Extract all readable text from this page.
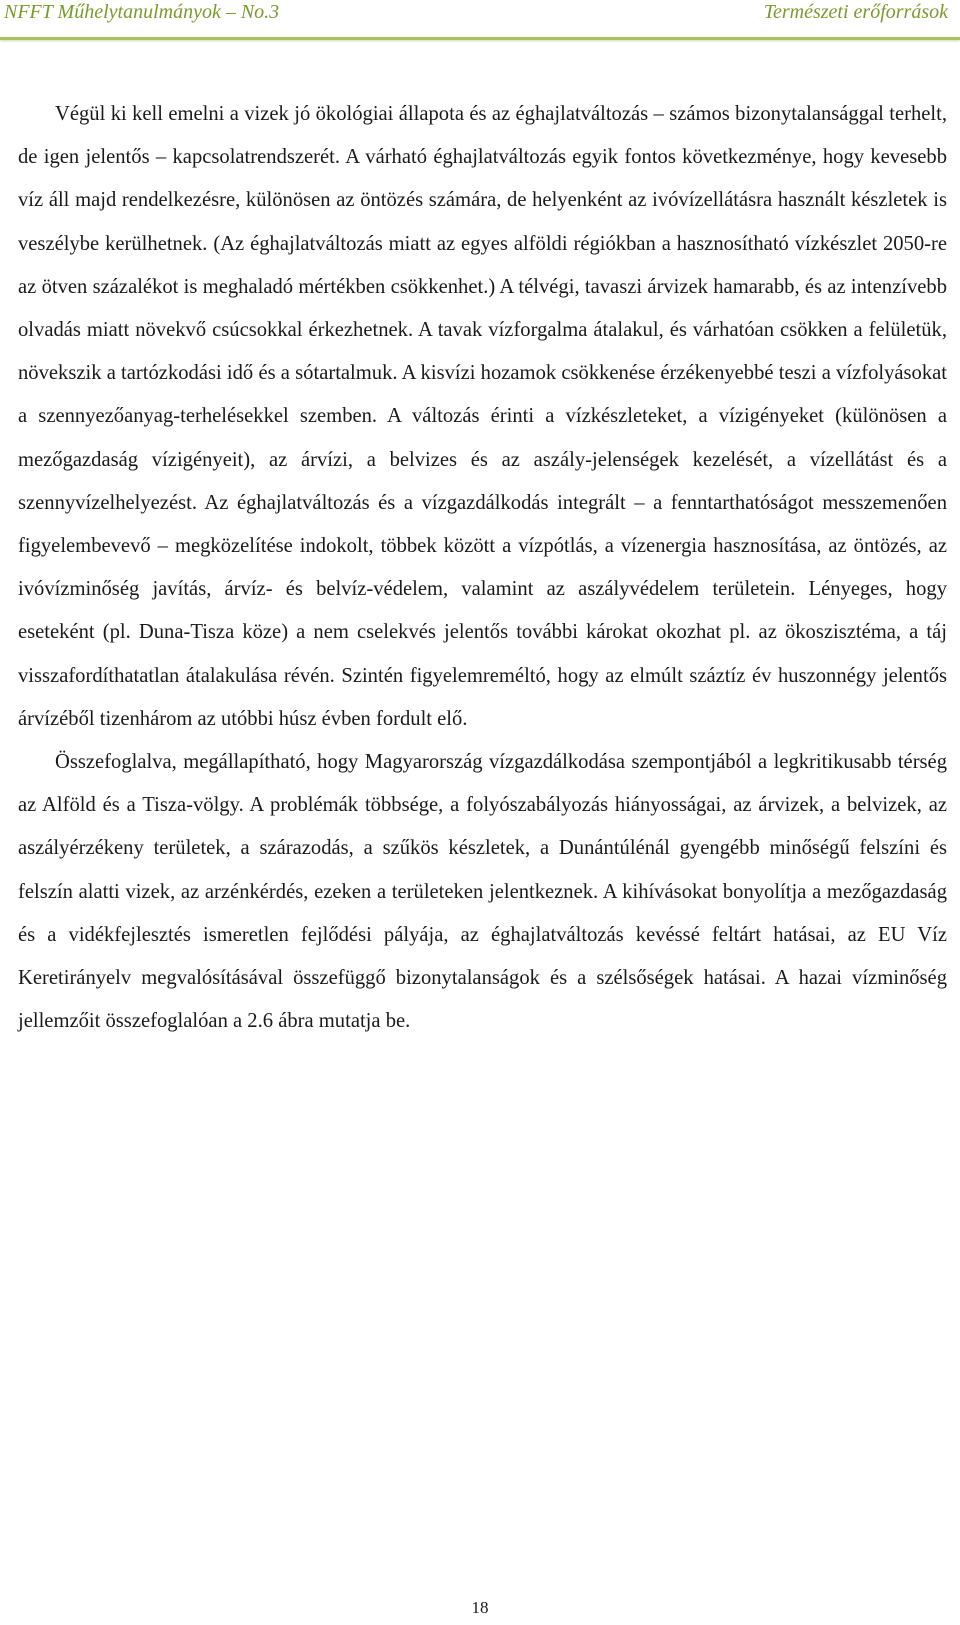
NFFT Műhelytanulmányok – No.3	Természeti erőforrások

Végül ki kell emelni a vizek jó ökológiai állapota és az éghajlatváltozás – számos bizonytalansággal terhelt, de igen jelentős – kapcsolatrendszerét. A várható éghajlatváltozás egyik fontos következménye, hogy kevesebb víz áll majd rendelkezésre, különösen az öntözés számára, de helyenként az ivóvízellátásra használt készletek is veszélybe kerülhetnek. (Az éghajlatváltozás miatt az egyes alföldi régiókban a hasznosítható vízkészlet 2050-re az ötven százalékot is meghaladó mértékben csökkenhet.) A télvégi, tavaszi árvizek hamarabb, és az intenzívebb olvadás miatt növekvő csúcsokkal érkezhetnek. A tavak vízforgalma átalakul, és várhatóan csökken a felületük, növekszik a tartózkodási idő és a sótartalmuk. A kisvízi hozamok csökkenése érzékenyebbé teszi a vízfolyásokat a szennyezőanyag-terhelésekkel szemben. A változás érinti a vízkészleteket, a vízigényeket (különösen a mezőgazdaság vízigényeit), az árvízi, a belvizes és az aszály-jelenségek kezelését, a vízellátást és a szennyvízelhelyezést. Az éghajlatváltozás és a vízgazdálkodás integrált – a fenntarthatóságot messzemenően figyelembevevő – megközelítése indokolt, többek között a vízpótlás, a vízenergia hasznosítása, az öntözés, az ivóvízminőség javítás, árvíz- és belvíz-védelem, valamint az aszályvédelem területein. Lényeges, hogy eseteként (pl. Duna-Tisza köze) a nem cselekvés jelentős további károkat okozhat pl. az ökoszisztéma, a táj visszafordíthatatlan átalakulása révén. Szintén figyelemreméltó, hogy az elmúlt száztíz év huszonnégy jelentős árvízéből tizenhárom az utóbbi húsz évben fordult elő.

Összefoglalva, megállapítható, hogy Magyarország vízgazdálkodása szempontjából a legkritikusabb térség az Alföld és a Tisza-völgy. A problémák többsége, a folyószabályozás hiányosságai, az árvizek, a belvizek, az aszályérzékeny területek, a szárazodás, a szűkös készletek, a Dunántúlénál gyengébb minőségű felszíni és felszín alatti vizek, az arzénkérdés, ezeken a területeken jelentkeznek. A kihívásokat bonyolítja a mezőgazdaság és a vidékfejlesztés ismeretlen fejlődési pályája, az éghajlatváltozás kevéssé feltárt hatásai, az EU Víz Keretirányelv megvalósításával összefüggő bizonytalanságok és a szélsőségek hatásai. A hazai vízminőség jellemzőit összefoglalóan a 2.6 ábra mutatja be.

18
